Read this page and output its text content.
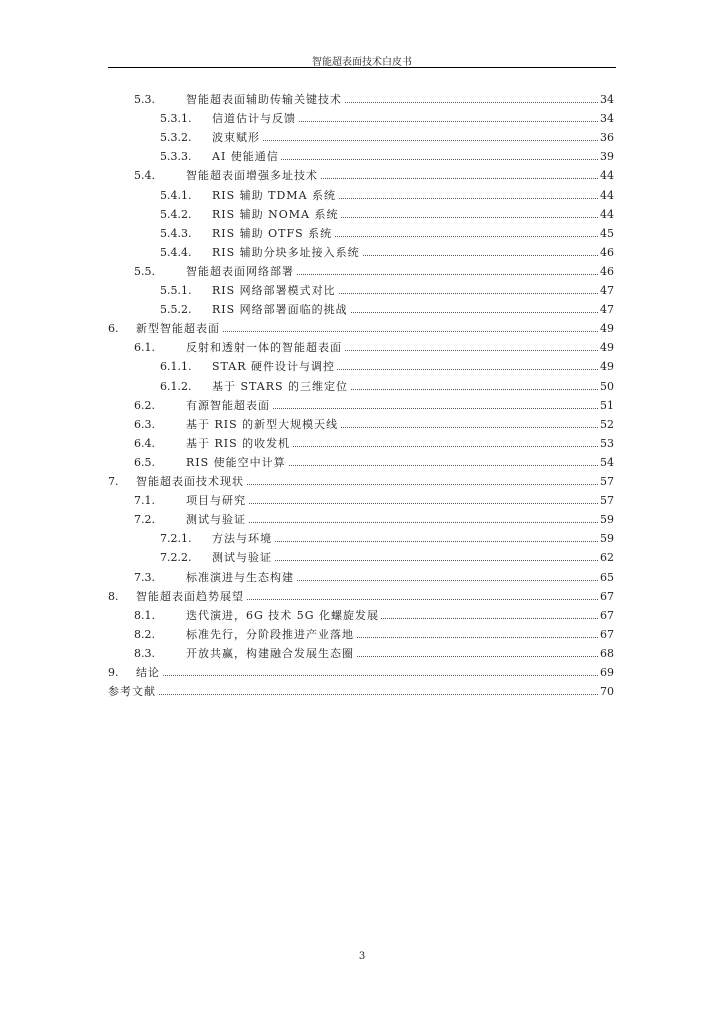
智能超表面技术白皮书
5.3.	智能超表面辅助传输关键技术	34
5.3.1. 信道估计与反馈	34
5.3.2. 波束赋形	36
5.3.3. AI 使能通信	39
5.4.	智能超表面增强多址技术	44
5.4.1. RIS 辅助 TDMA 系统	44
5.4.2. RIS 辅助 NOMA 系统	44
5.4.3. RIS 辅助 OTFS 系统	45
5.4.4. RIS 辅助分块多址接入系统	46
5.5.	智能超表面网络部署	46
5.5.1. RIS 网络部署模式对比	47
5.5.2. RIS 网络部署面临的挑战	47
6. 新型智能超表面	49
6.1.	反射和透射一体的智能超表面	49
6.1.1. STAR 硬件设计与调控	49
6.1.2. 基于 STARS 的三维定位	50
6.2.	有源智能超表面	51
6.3.	基于 RIS 的新型大规模天线	52
6.4.	基于 RIS 的收发机	53
6.5.	RIS 使能空中计算	54
7. 智能超表面技术现状	57
7.1.	项目与研究	57
7.2.	测试与验证	59
7.2.1. 方法与环境	59
7.2.2. 测试与验证	62
7.3.	标准演进与生态构建	65
8. 智能超表面趋势展望	67
8.1.	迭代演进，6G 技术 5G 化螺旋发展	67
8.2.	标准先行，分阶段推进产业落地	67
8.3.	开放共赢，构建融合发展生态圈	68
9. 结论	69
参考文献	70
3
